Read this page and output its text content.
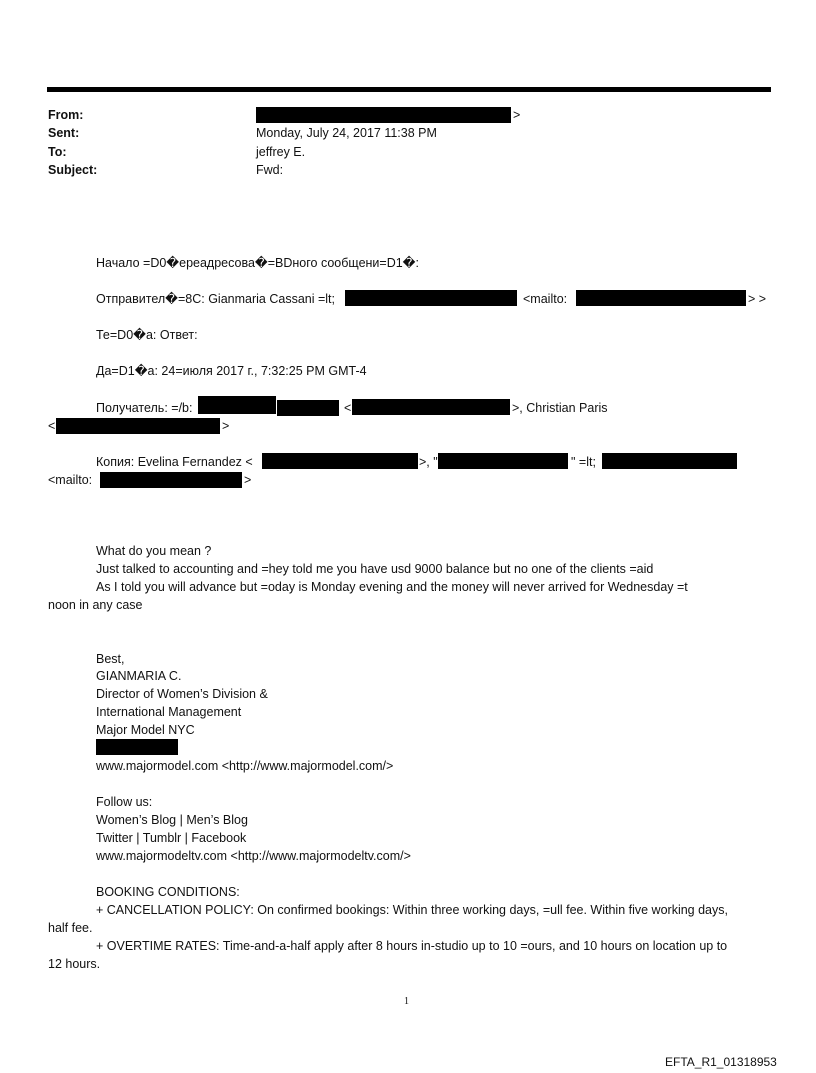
From:	>
Sent:	Monday, July 24, 2017 11:38 PM
To:	jeffrey E.
Subject:	Fwd:
Начало =D0�ереадресова�=BDного сообщени=D1�:
Отправител�=8C: Gianmaria Cassani =lt;	<mailto:	> >
Те=D0�а: Ответ:
Да=D1�а: 24=июля 2017 г., 7:32:25 PM GMT-4
Получатель: =/b:	<	>, Christian Paris
<	>
Копия: Evelina Fernandez <	>, "	" =lt;
<mailto:	>
What do you mean ?
Just talked to accounting and =hey told me you have usd 9000 balance but no one of the clients =aid
As I told you will advance but =oday is Monday evening and the money will never arrived for Wednesday =t
noon in any case
Best,
GIANMARIA C.
Director of Women’s Division &
International Management
Major Model NYC
www.majormodel.com <http://www.majormodel.com/>
Follow us:
Women’s Blog | Men’s Blog
Twitter | Tumblr | Facebook
www.majormodeltv.com <http://www.majormodeltv.com/>
BOOKING CONDITIONS:
+ CANCELLATION POLICY: On confirmed bookings: Within three working days, =ull fee. Within five working days,
half fee.
+ OVERTIME RATES: Time-and-a-half apply after 8 hours in-studio up to 10 =ours, and 10 hours on location up to
12 hours.
1
EFTA_R1_01318953
